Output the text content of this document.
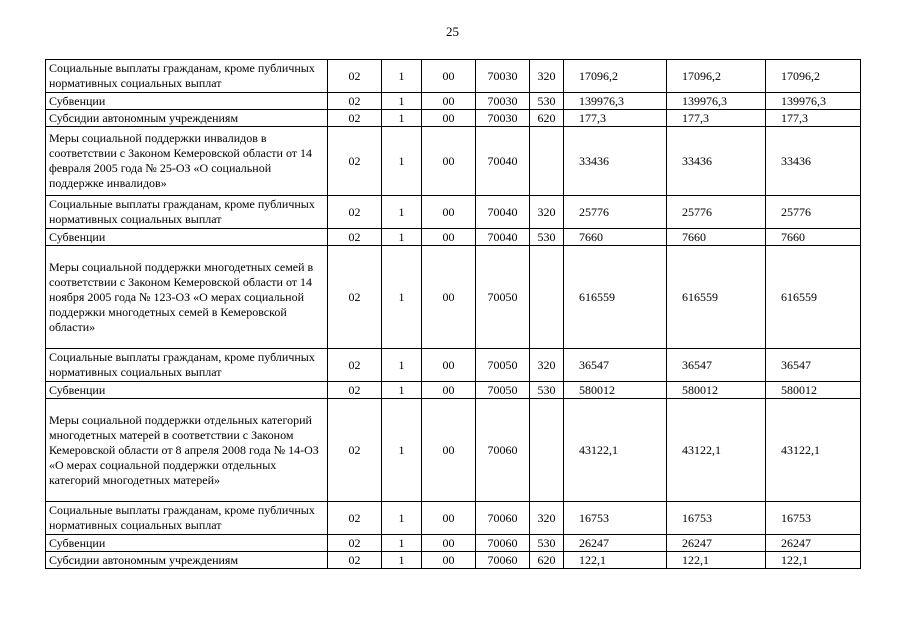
25
Социальные выплаты гражданам, кроме публичных нормативных социальных выплат	02	1	00	70030	320	17096,2	17096,2	17096,2
Субвенции	02	1	00	70030	530	139976,3	139976,3	139976,3
Субсидии автономным учреждениям	02	1	00	70030	620	177,3	177,3	177,3
Меры социальной поддержки инвалидов в соответствии с Законом Кемеровской области от 14 февраля 2005 года № 25-ОЗ «О социальной поддержке инвалидов»	02	1	00	70040		33436	33436	33436
Социальные выплаты гражданам, кроме публичных нормативных социальных выплат	02	1	00	70040	320	25776	25776	25776
Субвенции	02	1	00	70040	530	7660	7660	7660
Меры социальной поддержки многодетных семей в соответствии с Законом Кемеровской области от 14 ноября 2005 года № 123-ОЗ «О мерах социальной поддержки многодетных семей в Кемеровской области»	02	1	00	70050		616559	616559	616559
Социальные выплаты гражданам, кроме публичных нормативных социальных выплат	02	1	00	70050	320	36547	36547	36547
Субвенции	02	1	00	70050	530	580012	580012	580012
Меры социальной поддержки отдельных категорий многодетных матерей в соответствии с Законом Кемеровской области от 8 апреля 2008 года № 14-ОЗ «О мерах социальной поддержки отдельных категорий многодетных матерей»	02	1	00	70060		43122,1	43122,1	43122,1
Социальные выплаты гражданам, кроме публичных нормативных социальных выплат	02	1	00	70060	320	16753	16753	16753
Субвенции	02	1	00	70060	530	26247	26247	26247
Субсидии автономным учреждениям	02	1	00	70060	620	122,1	122,1	122,1
